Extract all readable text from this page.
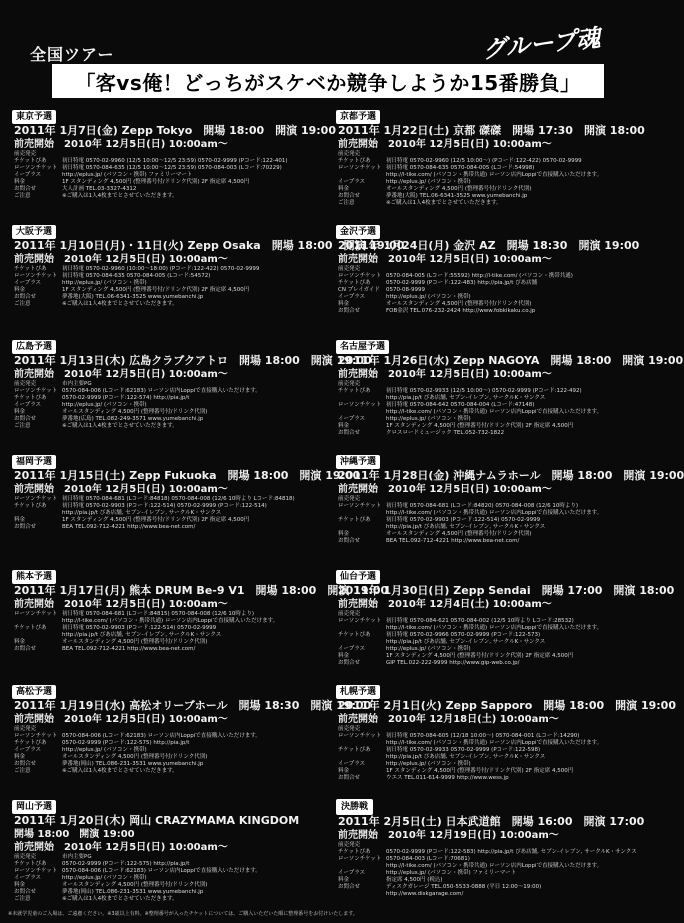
全国ツアー	グループ魂
「客vs俺！どっちがスケベか競争しようか15番勝負」
東京予選
2011年 1月7日(金) Zepp Tokyo　開場 18:00　開演 19:00
前売開始　2010年 12月5日(日) 10:00am～
前売発売
チケットぴあ	初日特電 0570-02-9960 (12/5 10:00～12/5 23:59) 0570-02-9999 (Pコード:122-401)
ローソンチケット 初日特電 0570-084-635 (12/5 10:00～12/5 23:59) 0570-084-003 (Lコード:70229)
イープラス	http://eplus.jp/ (パソコン・携帯) ファミリーマート
料金	1F スタンディング 4,500円 (整理番号付/ドリンク代別) 2F 指定席 4,500円
お問合せ	大人計画 TEL.03-3327-4312
ご注意	※ご購入は1人4枚までとさせていただきます。
大阪予選
2011年 1月10日(月)・11日(火) Zepp Osaka　開場 18:00　開演 19:00
前売開始　2010年 12月5日(日) 10:00am～
チケットぴあ	初日特電 0570-02-9960 (10:00～18:00) (Pコード:122-422) 0570-02-9999
ローソンチケット 初日特電 0570-084-635 0570-084-005 (Lコード:54572)
イープラス	http://eplus.jp/ (パソコン・携帯)
料金	1F スタンディング 4,500円 (整理番号付/ドリンク代別) 2F 指定席 4,500円
お問合せ	夢番地(大阪) TEL.06-6341-3525 www.yumebanchi.jp
ご注意	※ご購入は1人4枚までとさせていただきます。
広島予選
2011年 1月13日(木) 広島クラブクアトロ　開場 18:00　開演 19:00
前売開始　2010年 12月5日(日) 10:00am～
前売発売	市内主要PG
ローソンチケット 0570-084-006 (Lコード:62183) ローソン店内Loppiで直接購入いただけます。
チケットぴあ	0570-02-9999 (Pコード:122-574) http://pia.jp/t
イープラス	http://eplus.jp/ (パソコン・携帯)
料金	オールスタンディング 4,500円 (整理番号付/ドリンク代別)
お問合せ	夢番地(広島) TEL.082-249-3571 www.yumebanchi.jp
ご注意	※ご購入は1人4枚までとさせていただきます。
福岡予選
2011年 1月15日(土) Zepp Fukuoka　開場 18:00　開演 19:00
前売開始　2010年 12月5日(日) 10:00am～
ローソンチケット 初日特電 0570-084-681 (Lコード:84818) 0570-084-008 (12/6 10時より Lコード:84818)
チケットぴあ	初日特電 0570-02-9903 (Pコード:122-514) 0570-02-9999 (Pコード:122-514)
http://pia.jp/t ぴあ店舗, セブン-イレブン, サークルK・サンクス
料金	1F スタンディング 4,500円 (整理番号付/ドリンク代別) 2F 指定席 4,500円
お問合せ	BEA TEL.092-712-4221 http://www.bea-net.com/
熊本予選
2011年 1月17日(月) 熊本 DRUM Be-9 V1　開場 18:00　開演 19:00
前売開始　2010年 12月5日(日) 10:00am～
ローソンチケット 初日特電 0570-084-681 (Lコード:84815) 0570-084-008 (12/6 10時より)
http://l-tike.com/ (パソコン・携帯共通) ローソン店内Loppiで直接購入いただけます。
チケットぴあ	初日特電 0570-02-9903 (Pコード:122-514) 0570-02-9999
http://pia.jp/t ぴあ店舗, セブン-イレブン, サークルK・サンクス
料金	オールスタンディング 4,500円 (整理番号付/ドリンク代別)
お問合せ	BEA TEL.092-712-4221 http://www.bea-net.com/
高松予選
2011年 1月19日(水) 高松オリーブホール　開場 18:30　開演 19:00
前売開始　2010年 12月5日(日) 10:00am～
前売発売
ローソンチケット 0570-084-006 (Lコード:62183) ローソン店内Loppiで直接購入いただけます。
チケットぴあ	0570-02-9999 (Pコード:122-575) http://pia.jp/t
イープラス	http://eplus.jp/ (パソコン・携帯)
料金	オールスタンディング 4,500円 (整理番号付/ドリンク代別)
お問合せ	夢番地(岡山) TEL.086-231-3531 www.yumebanchi.jp
ご注意	※ご購入は1人4枚までとさせていただきます。
岡山予選
2011年 1月20日(木) 岡山 CRAZYMAMA KINGDOM
開場 18:00　開演 19:00
前売開始　2010年 12月5日(日) 10:00am～
前売発売	市内主要PG
チケットぴあ	0570-02-9999 (Pコード:122-575) http://pia.jp/t
ローソンチケット 0570-084-006 (Lコード:62183) ローソン店内Loppiで直接購入いただけます。
イープラス	http://eplus.jp/ (パソコン・携帯)
料金	オールスタンディング 4,500円 (整理番号付/ドリンク代別)
お問合せ	夢番地(岡山) TEL.086-231-3531 www.yumebanchi.jp
ご注意	※ご購入は1人4枚までとさせていただきます。
京都予選
2011年 1月22日(土) 京都 磔磔　開場 17:30　開演 18:00
前売開始　2010年 12月5日(日) 10:00am～
前売発売
チケットぴあ	初日特電 0570-02-9960 (12/5 10:00～) (Pコード:122-422) 0570-02-9999
ローソンチケット 初日特電 0570-084-635 0570-084-005 (Lコード:54998)
http://l-tike.com/ (パソコン・携帯共通) ローソン店内Loppiで直接購入いただけます。
イープラス	http://eplus.jp/ (パソコン・携帯)
料金	オールスタンディング 4,500円 (整理番号付/ドリンク代別)
お問合せ	夢番地(大阪) TEL.06-6341-3525 www.yumebanchi.jp
ご注意	※ご購入は1人4枚までとさせていただきます。
金沢予選
2011年 1月24日(月) 金沢 AZ　開場 18:30　開演 19:00
前売開始　2010年 12月5日(日) 10:00am～
前売発売
ローソンチケット 0570-084-005 (Lコード:55592) http://l-tike.com/ (パソコン・携帯共通)
チケットぴあ	0570-02-9999 (Pコード:122-483) http://pia.jp/t ぴあ店舗
CN プレイガイド	0570-08-9999
イープラス	http://eplus.jp/ (パソコン・携帯)
料金	オールスタンディング 4,500円 (整理番号付/ドリンク代別)
お問合せ	FOB金沢 TEL.076-232-2424 http://www.fobkikaku.co.jp
名古屋予選
2011年 1月26日(水) Zepp NAGOYA　開場 18:00　開演 19:00
前売開始　2010年 12月5日(日) 10:00am～
前売発売
チケットぴあ	初日特電 0570-02-9933 (12/5 10:00～) 0570-02-9999 (Pコード:122-492)
http://pia.jp/t ぴあ店舗, セブン-イレブン, サークルK・サンクス
ローソンチケット 初日特電 0570-084-642 0570-084-004 (Lコード:47148)
http://l-tike.com/ (パソコン・携帯共通) ローソン店内Loppiで直接購入いただけます。
イープラス	http://eplus.jp/ (パソコン・携帯)
料金	1F スタンディング 4,500円 (整理番号付/ドリンク代別) 2F 指定席 4,500円
お問合せ	クロスロードミュージック TEL.052-732-1822
沖縄予選
2011年 1月28日(金) 沖縄ナムラホール　開場 18:00　開演 19:00
前売開始　2010年 12月5日(日) 10:00am～
前売発売
ローソンチケット 初日特電 0570-084-681 (Lコード:84820) 0570-084-008 (12/6 10時より)
http://l-tike.com/ (パソコン・携帯共通) ローソン店内Loppiで直接購入いただけます。
チケットぴあ	初日特電 0570-02-9903 (Pコード:122-514) 0570-02-9999
http://pia.jp/t ぴあ店舗, セブン-イレブン, サークルK・サンクス
料金	オールスタンディング 4,500円 (整理番号付/ドリンク代別)
お問合せ	BEA TEL.092-712-4221 http://www.bea-net.com/
仙台予選
2011年 1月30日(日) Zepp Sendai　開場 17:00　開演 18:00
前売開始　2010年 12月4日(土) 10:00am～
前売発売
ローソンチケット 初日特電 0570-084-621 0570-084-002 (12/5 10時より Lコード:28532)
http://l-tike.com/ (パソコン・携帯共通) ローソン店内Loppiで直接購入いただけます。
チケットぴあ	初日特電 0570-02-9966 0570-02-9999 (Pコード:122-573)
http://pia.jp/t ぴあ店舗, セブン-イレブン, サークルK・サンクス
イープラス	http://eplus.jp/ (パソコン・携帯)
料金	1F スタンディング 4,500円 (整理番号付/ドリンク代別) 2F 指定席 4,500円
お問合せ	GIP TEL.022-222-9999 http://www.gip-web.co.jp/
札幌予選
2011年 2月1日(火) Zepp Sapporo　開場 18:00　開演 19:00
前売開始　2010年 12月18日(土) 10:00am～
前売発売
ローソンチケット 初日特電 0570-084-605 (12/18 10:00～) 0570-084-001 (Lコード:14290)
http://l-tike.com/ (パソコン・携帯共通) ローソン店内Loppiで直接購入いただけます。
チケットぴあ	初日特電 0570-02-9933 0570-02-9999 (Pコード:122-598)
http://pia.jp/t ぴあ店舗, セブン-イレブン, サークルK・サンクス
イープラス	http://eplus.jp/ (パソコン・携帯)
料金	1F スタンディング 4,500円 (整理番号付/ドリンク代別) 2F 指定席 4,500円
お問合せ	ウエス TEL.011-614-9999 http://www.wess.jp
決勝戦
2011年 2月5日(土) 日本武道館　開場 16:00　開演 17:00
前売開始　2010年 12月19日(日) 10:00am～
前売発売
チケットぴあ	0570-02-9999 (Pコード:122-583) http://pia.jp/t ぴあ店舗, セブン-イレブン, サークルK・サンクス
ローソンチケット 0570-084-003 (Lコード:70681)
http://l-tike.com/ (パソコン・携帯共通) ローソン店内Loppiで直接購入いただけます。
イープラス	http://eplus.jp/ (パソコン・携帯) ファミリーマート
料金	指定席 4,500円 (税込)
お問合せ	ディスクガレージ TEL.050-5533-0888 (平日 12:00～19:00)
http://www.diskgarage.com/
※未就学児童のご入場は、ご遠慮ください。※3歳以上有料。※整理番号が入ったチケットについては、ご購入いただいた順に整理番号をお付けいたします。
